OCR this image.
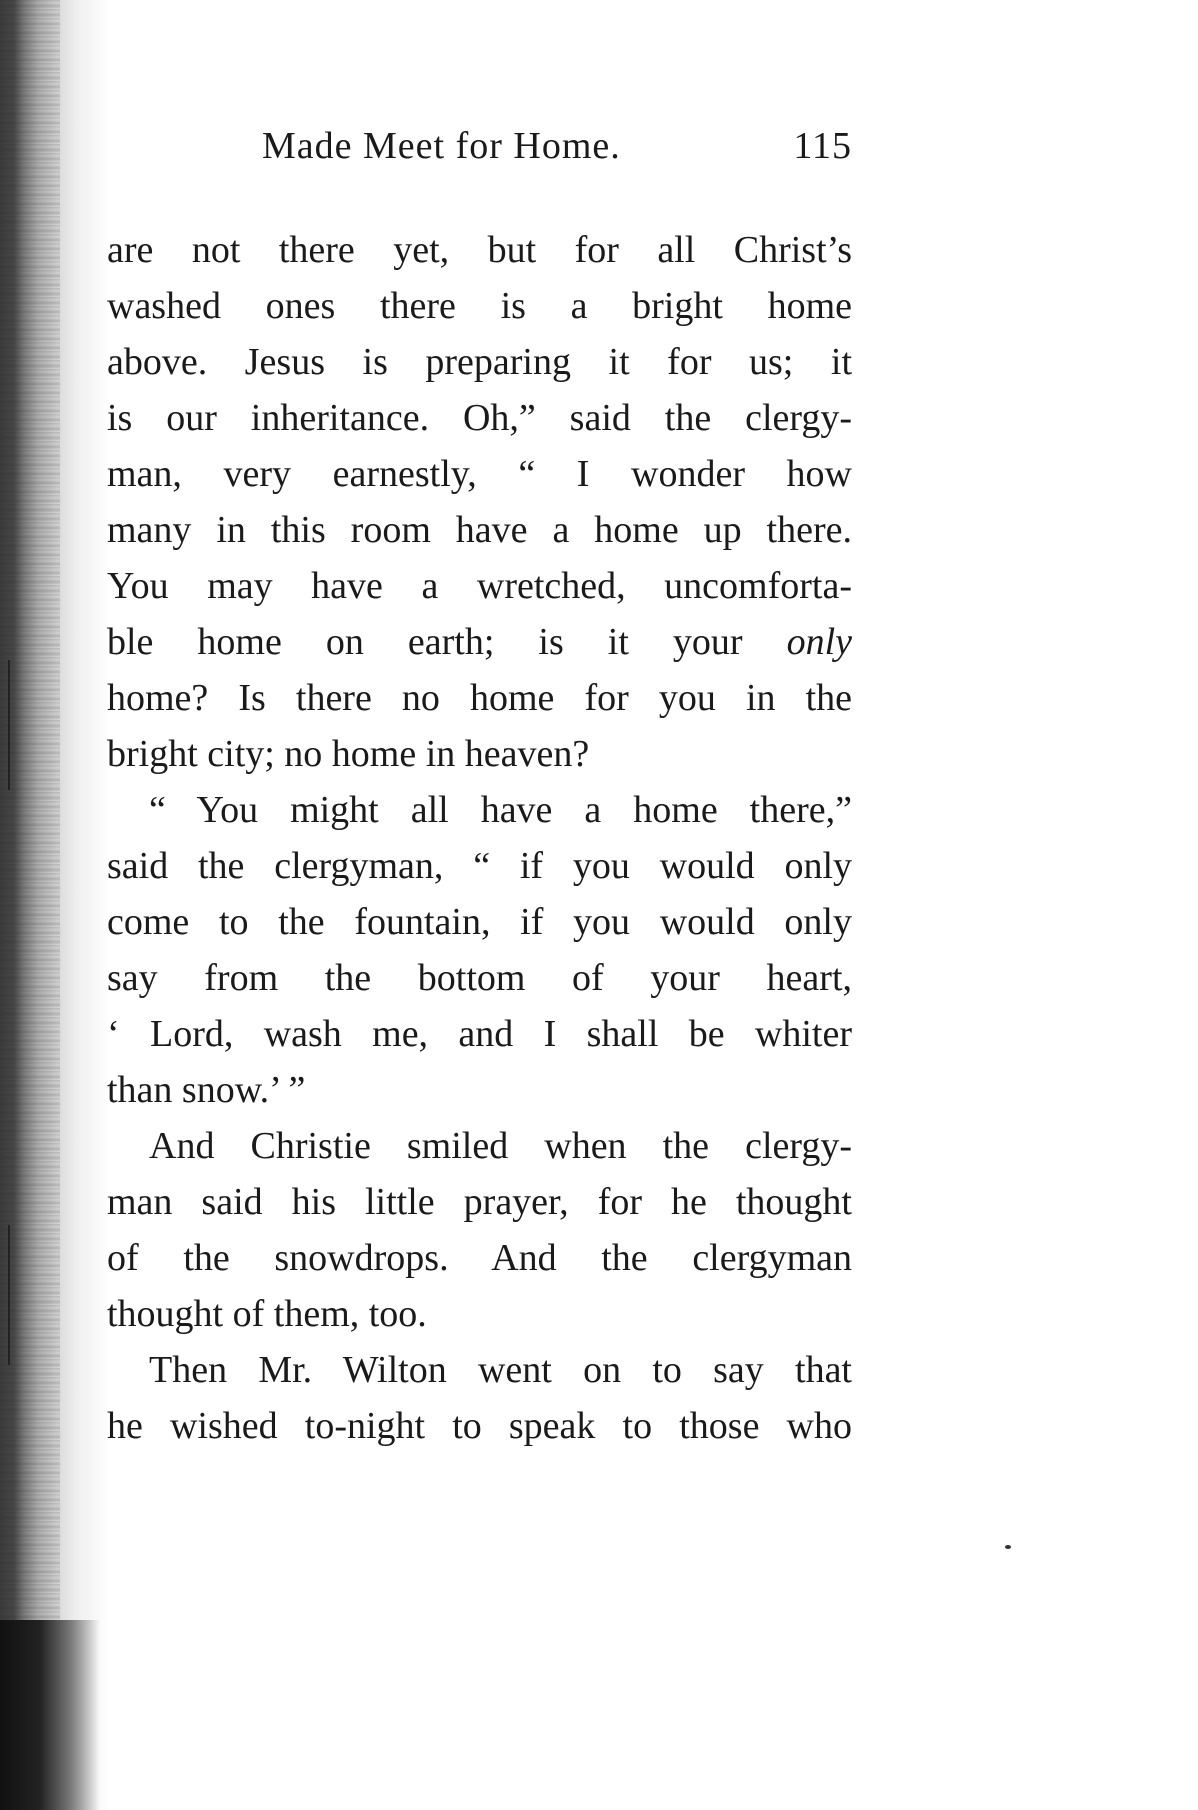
Made Meet for Home.	115
are not there yet, but for all Christ’s
washed ones there is a bright home
above. Jesus is preparing it for us; it
is our inheritance. Oh,” said the clergy-
man, very earnestly, “ I wonder how
many in this room have a home up there.
You may have a wretched, uncomforta-
ble home on earth; is it your only
home? Is there no home for you in the
bright city; no home in heaven?
“ You might all have a home there,”
said the clergyman, “ if you would only
come to the fountain, if you would only
say from the bottom of your heart,
‘ Lord, wash me, and I shall be whiter
than snow.’ ”
And Christie smiled when the clergy-
man said his little prayer, for he thought
of the snowdrops. And the clergyman
thought of them, too.
Then Mr. Wilton went on to say that
he wished to-night to speak to those who
